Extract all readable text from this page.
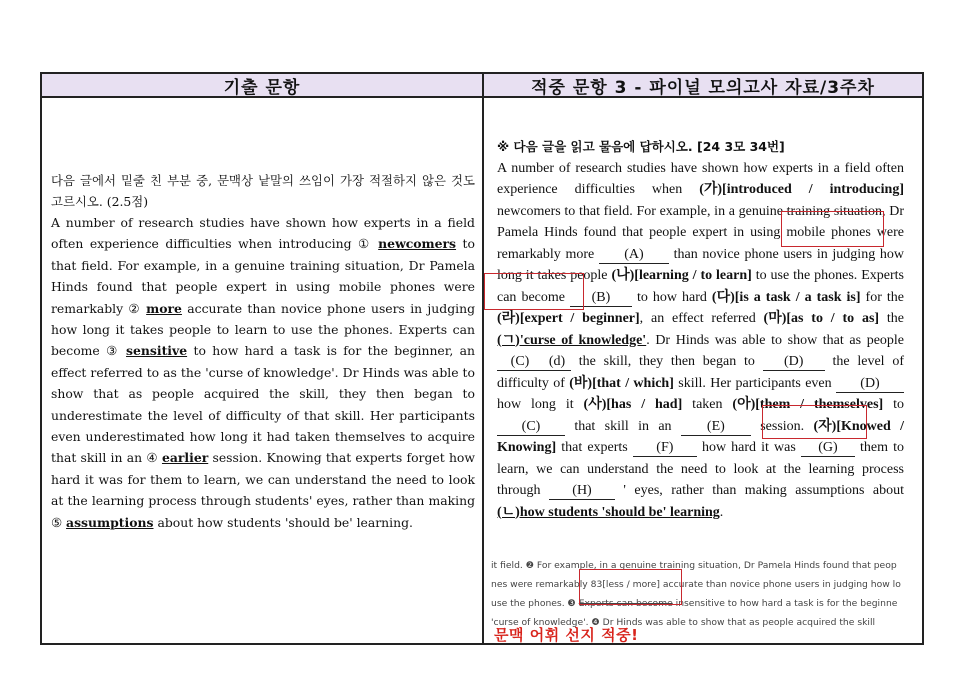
기출 문항	적중 문항 3 - 파이널 모의고사 자료/3주차
다음 글에서 밑줄 친 부분 중, 문맥상 낱말의 쓰임이 가장 적절하지 않은 것도 고르시오. (2.5점)
A number of research studies have shown how experts in a field often experience difficulties when introducing ① newcomers to that field. For example, in a genuine training situation, Dr Pamela Hinds found that people expert in using mobile phones were remarkably ② more accurate than novice phone users in judging how long it takes people to learn to use the phones. Experts can become ③ sensitive to how hard a task is for the beginner, an effect referred to as the 'curse of knowledge'. Dr Hinds was able to show that as people acquired the skill, they then began to underestimate the level of difficulty of that skill. Her participants even underestimated how long it had taken themselves to acquire that skill in an ④ earlier session. Knowing that experts forget how hard it was for them to learn, we can understand the need to look at the learning process through students' eyes, rather than making ⑤ assumptions about how students 'should be' learning.
※ 다음 글을 읽고 물음에 답하시오. [24 3모 34번]
A number of research studies have shown how experts in a field often experience difficulties when (가)[introduced / introducing] newcomers to that field. For example, in a genuine training situation, Dr Pamela Hinds found that people expert in using mobile phones were remarkably more (A) than novice phone users in judging how long it takes people (나)[learning / to learn] to use the phones. Experts can become (B) to how hard (다)[is a task / a task is] for the (라)[expert / beginner], an effect referred (마)[as to / to as] the (ㄱ)'curse of knowledge'. Dr Hinds was able to show that as people (C) (d) the skill, they then began to (D) the level of difficulty of (바)[that / which] skill. Her participants even (D) how long it (사)[has / had] taken (아)[them / themselves] to (C) that skill in an (E) session. (자)[Knowed / Knowing] that experts (F) how hard it was (G) them to learn, we can understand the need to look at the learning process through (H) ' eyes, rather than making assumptions about (ㄴ)how students 'should be' learning.
it field. ❷ For example, in a genuine training situation, Dr Pamela Hinds found that peop
nes were remarkably 83[less / more] accurate than novice phone users in judging how lo
use the phones. ❸ Experts can become insensitive to how hard a task is for the beginne
'curse of knowledge'. ❹ Dr Hinds was able to show that as people acquired the skill
문맥 어휘 선지 적중!
